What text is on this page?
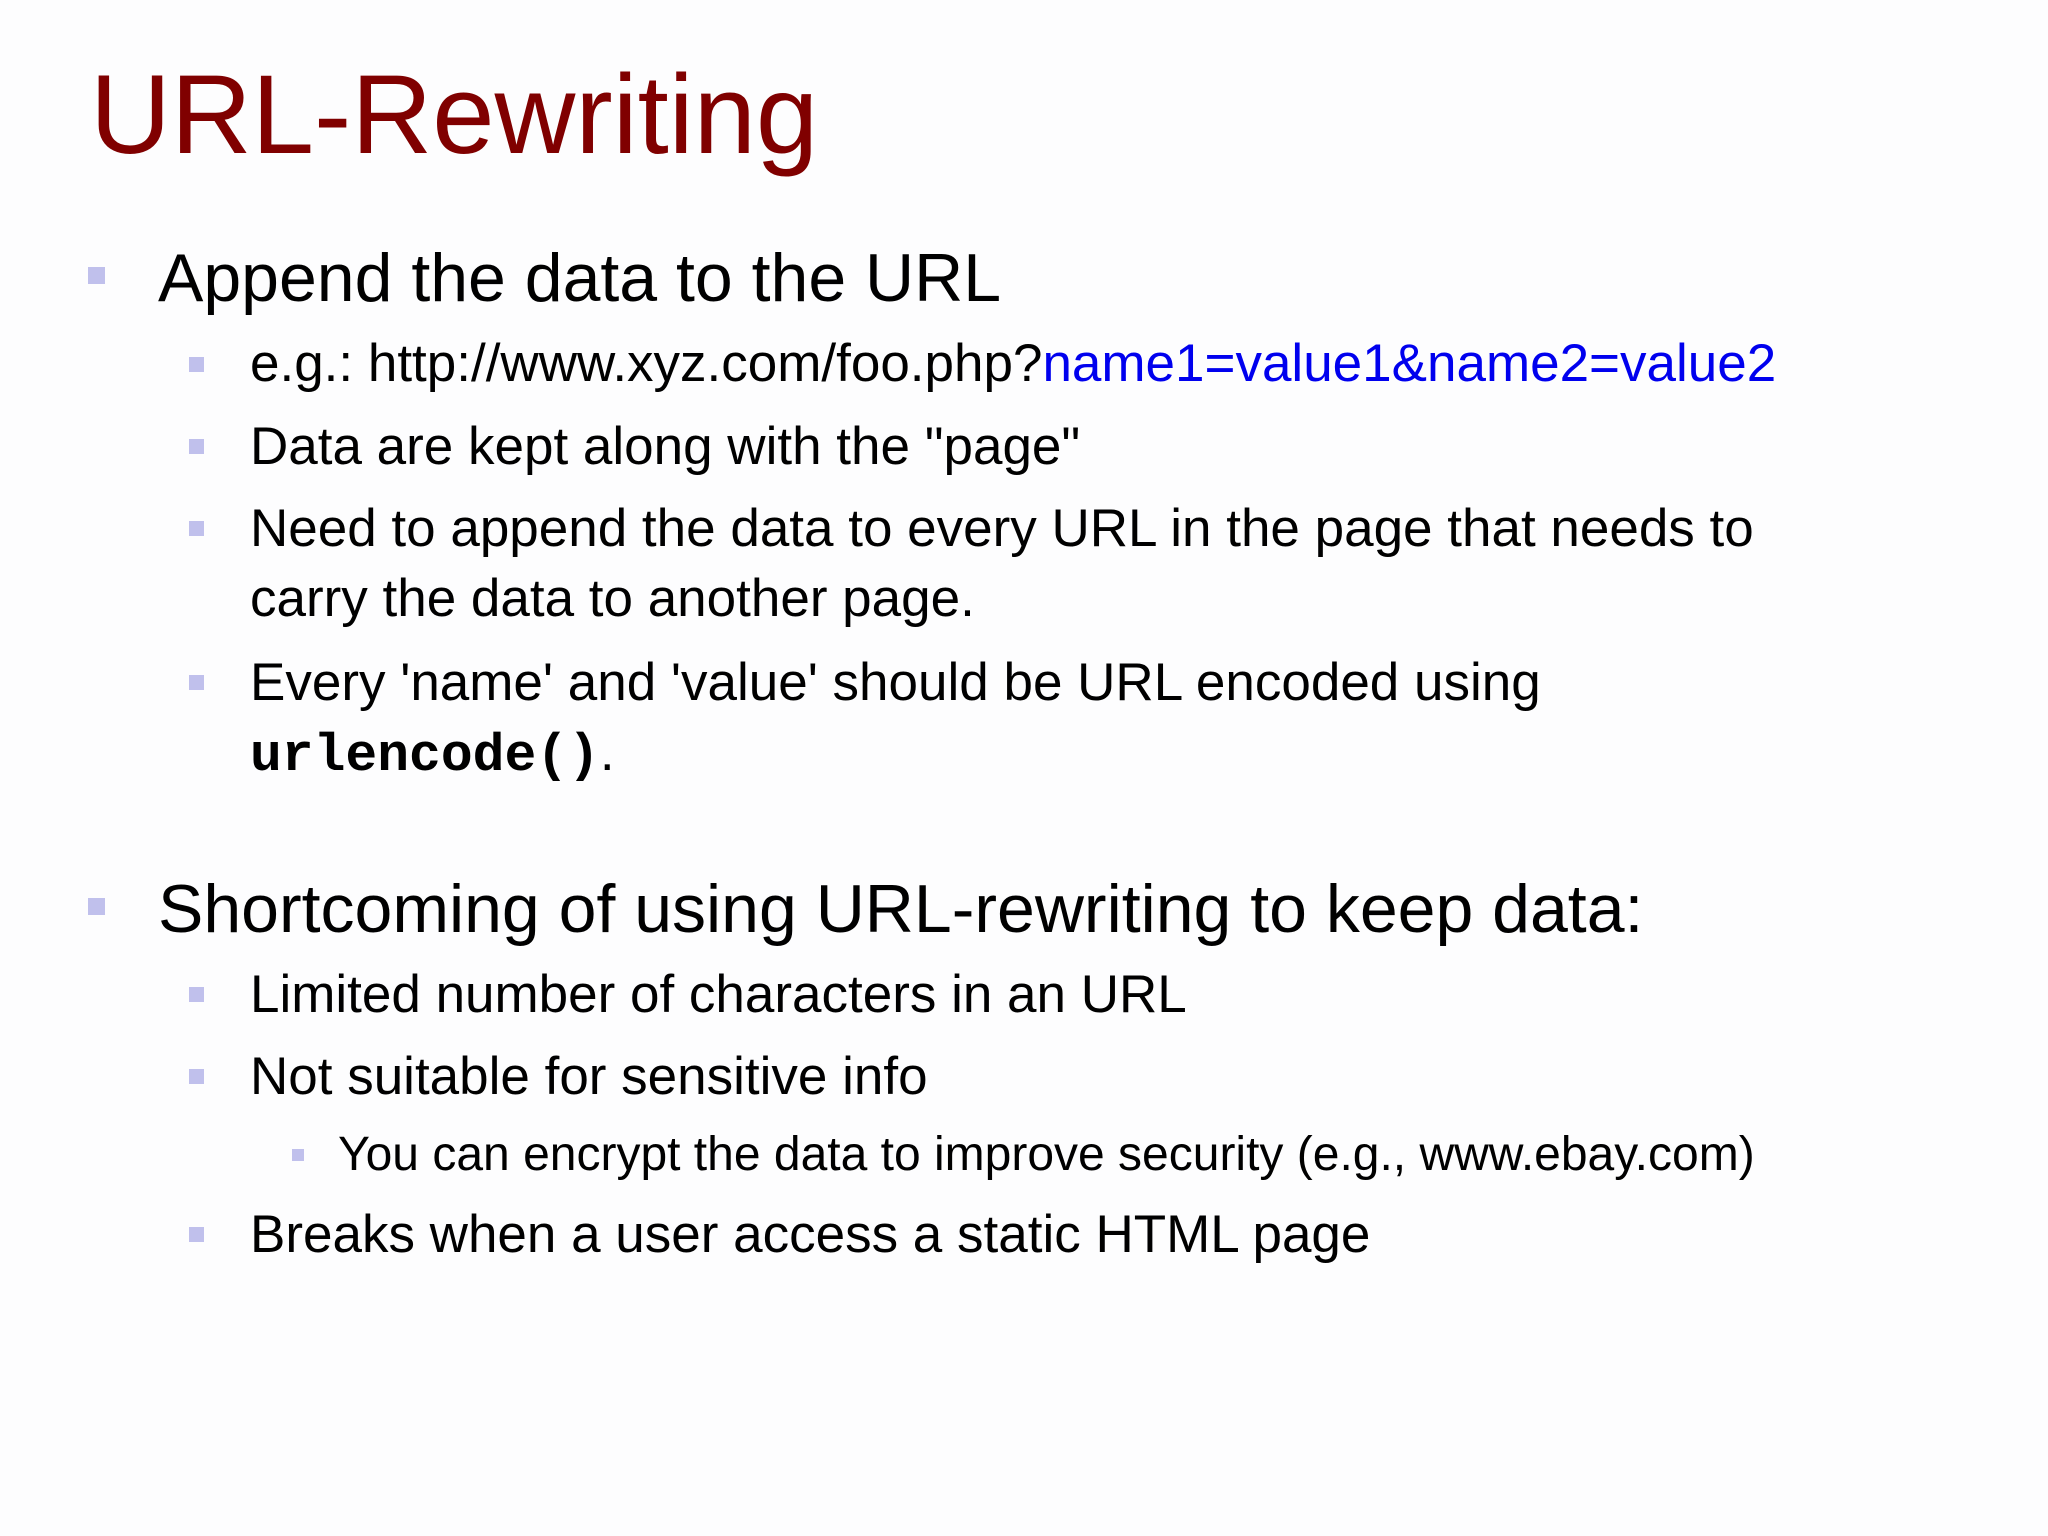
URL-Rewriting
Append the data to the URL
e.g.: http://www.xyz.com/foo.php?name1=value1&name2=value2
Data are kept along with the "page"
Need to append the data to every URL in the page that needs to
carry the data to another page.
Every 'name' and 'value' should be URL encoded using
urlencode().
Shortcoming of using URL-rewriting to keep data:
Limited number of characters in an URL
Not suitable for sensitive info
You can encrypt the data to improve security (e.g., www.ebay.com)
Breaks when a user access a static HTML page
